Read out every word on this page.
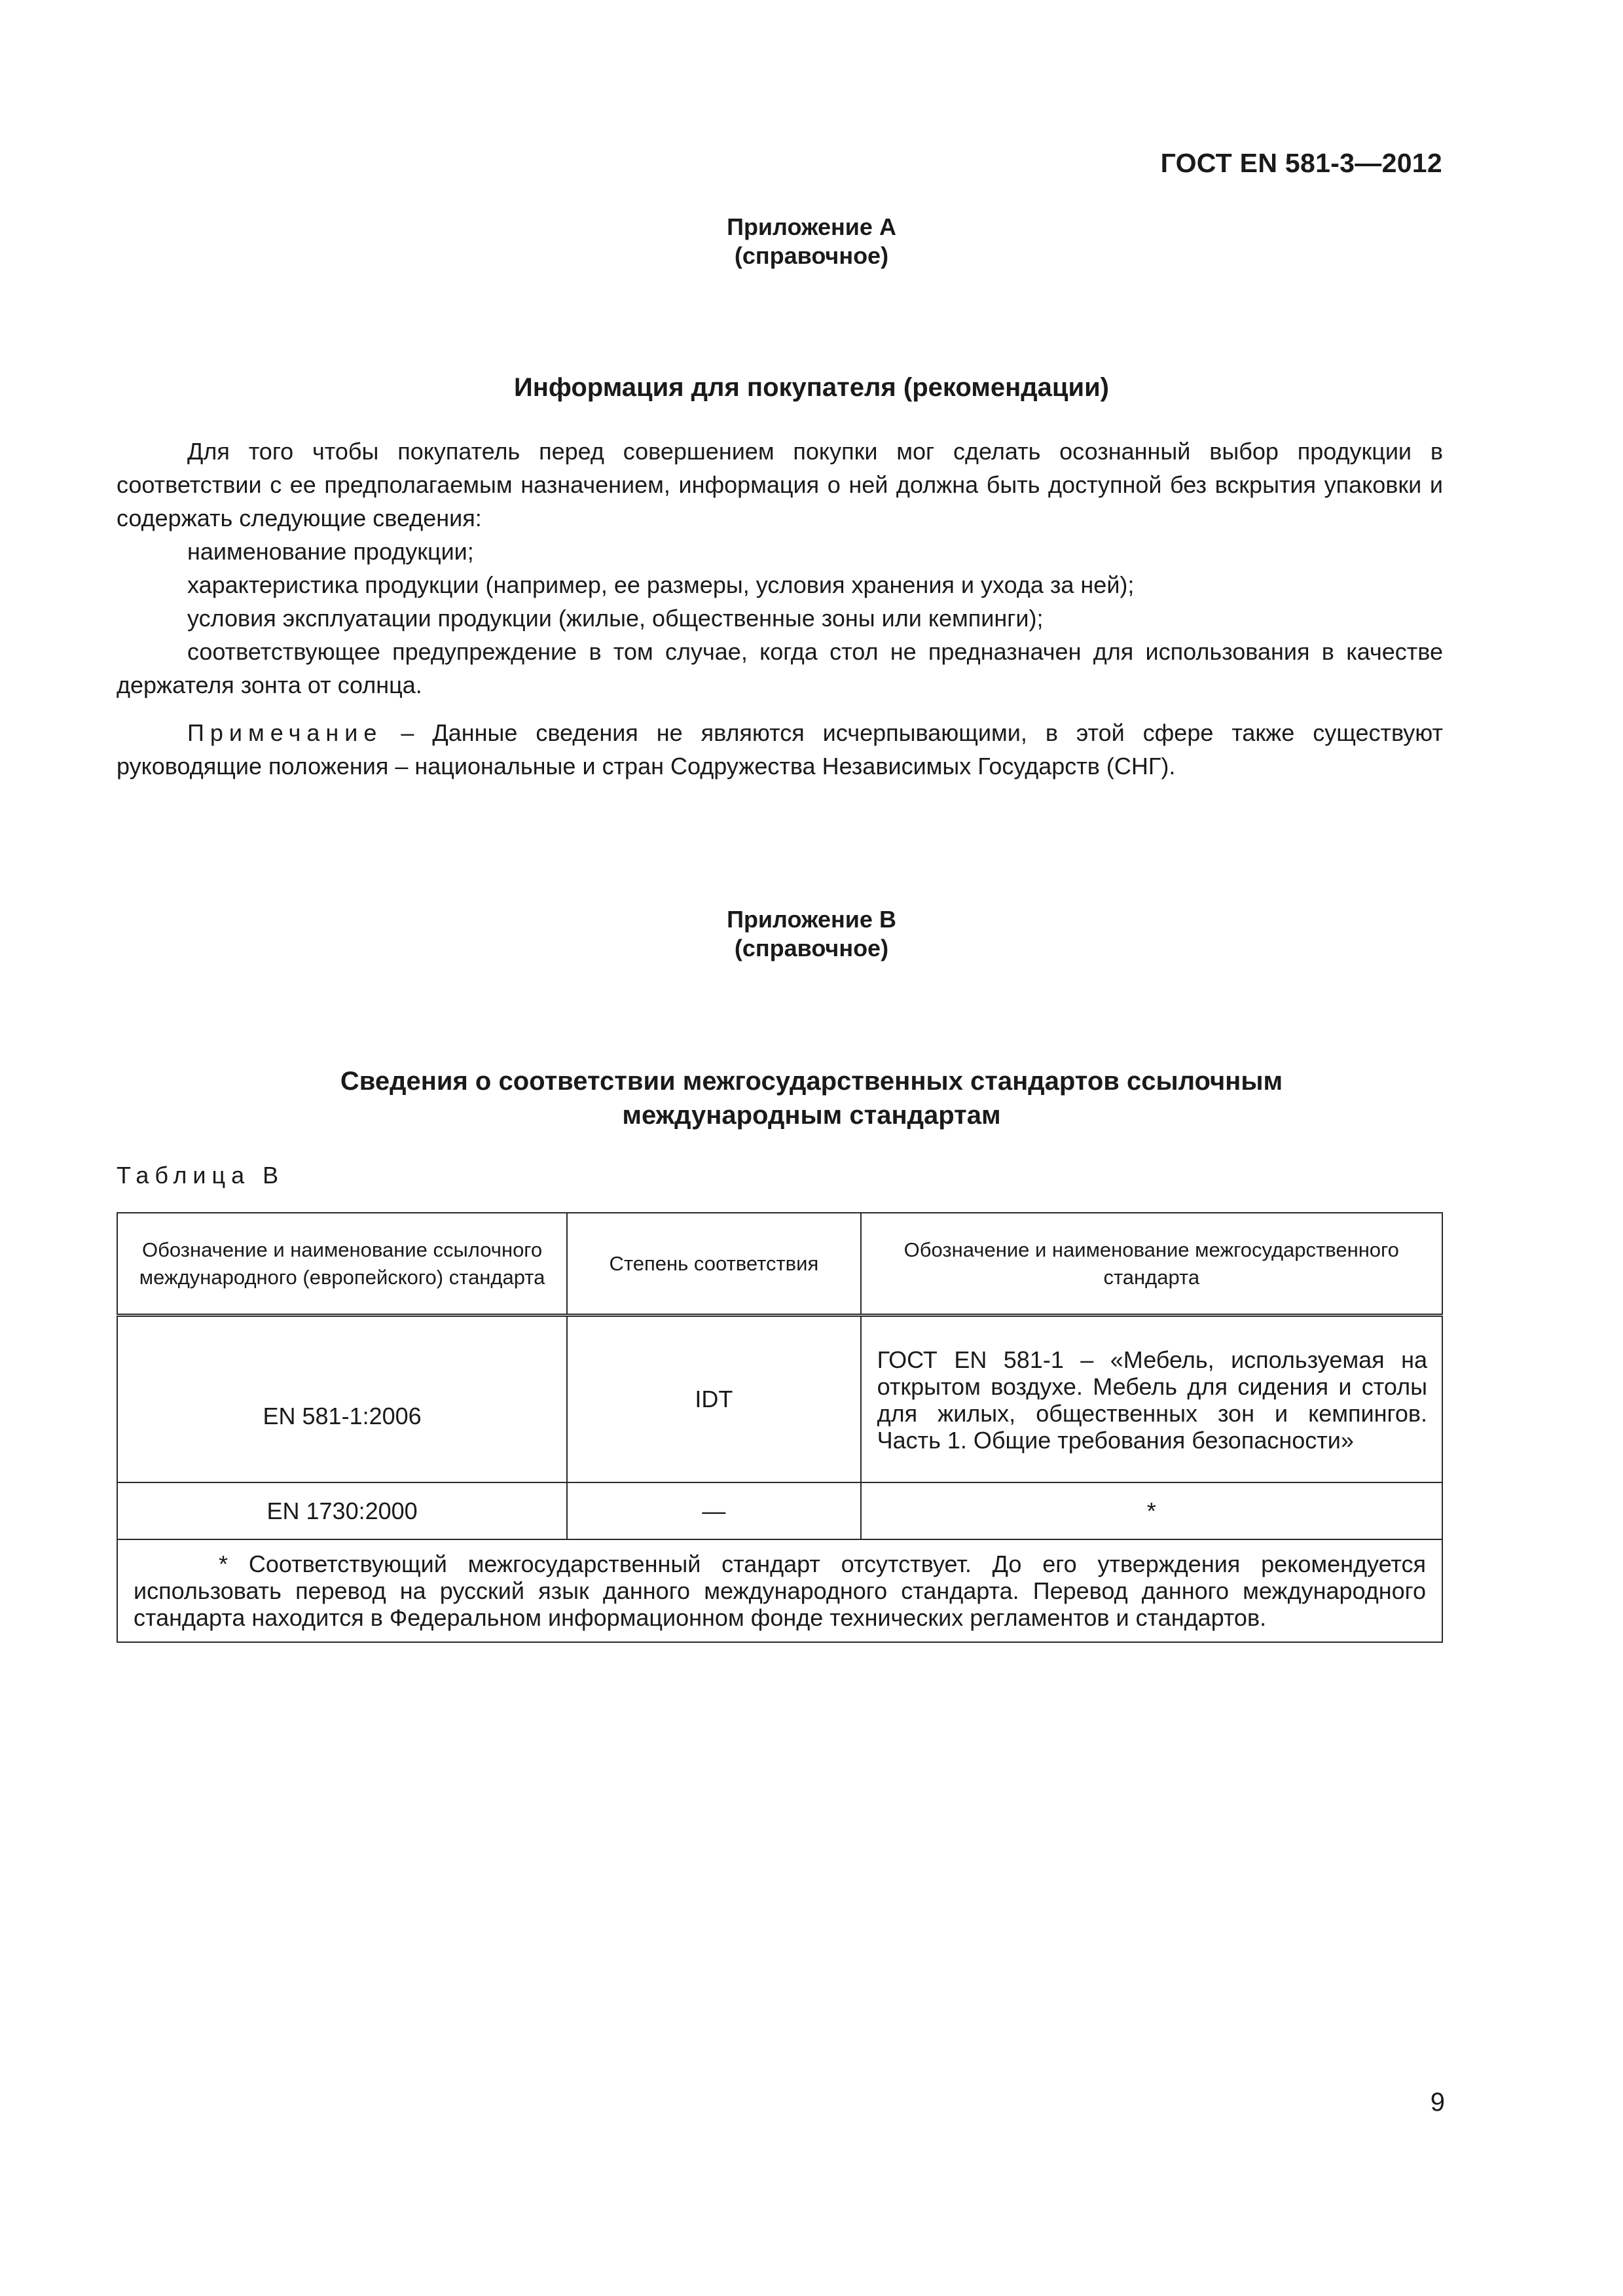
ГОСТ EN 581-3—2012
Приложение А
(справочное)
Информация для покупателя (рекомендации)

Для того чтобы покупатель перед совершением покупки мог сделать осознанный выбор продукции в соответствии с ее предполагаемым назначением, информация о ней должна быть доступной без вскрытия упаковки и содержать следующие сведения:

наименование продукции;

характеристика продукции (например, ее размеры, условия хранения и ухода за ней);

условия эксплуатации продукции (жилые, общественные зоны или кемпинги);

соответствующее предупреждение в том случае, когда стол не предназначен для использования в качестве держателя зонта от солнца.

Примечание – Данные сведения не являются исчерпывающими, в этой сфере также существуют руководящие положения – национальные и стран Содружества Независимых Государств (СНГ).

Приложение В
(справочное)
Сведения о соответствии межгосударственных стандартов ссылочным
международным стандартам
Таблица В
Обозначение и наименование ссылочного международного (европейского) стандарта	Степень соответствия	Обозначение и наименование межгосударственного стандарта
EN 581-1:2006	IDT	ГОСТ EN 581-1 – «Мебель, используемая на открытом воздухе. Мебель для сидения и столы для жилых, общественных зон и кемпингов. Часть 1. Общие требования безопасности»
EN 1730:2000	—	*

* Соответствующий межгосударственный стандарт отсутствует. До его утверждения рекомендуется использовать перевод на русский язык данного международного стандарта. Перевод данного международного стандарта находится в Федеральном информационном фонде технических регламентов и стандартов.		
9
